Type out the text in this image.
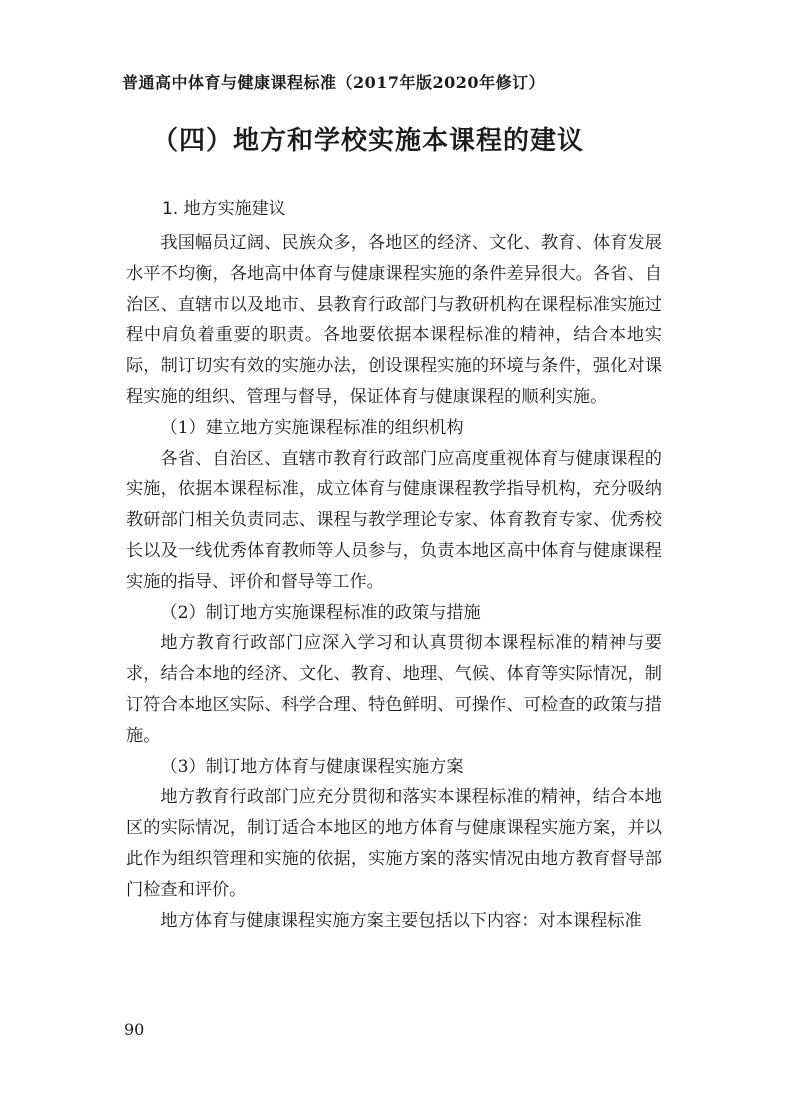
普通高中体育与健康课程标准（2017年版2020年修订）
（四）地方和学校实施本课程的建议
1. 地方实施建议

我国幅员辽阔、民族众多，各地区的经济、文化、教育、体育发展水平不均衡，各地高中体育与健康课程实施的条件差异很大。各省、自治区、直辖市以及地市、县教育行政部门与教研机构在课程标准实施过程中肩负着重要的职责。各地要依据本课程标准的精神，结合本地实际，制订切实有效的实施办法，创设课程实施的环境与条件，强化对课程实施的组织、管理与督导，保证体育与健康课程的顺利实施。

（1）建立地方实施课程标准的组织机构

各省、自治区、直辖市教育行政部门应高度重视体育与健康课程的实施，依据本课程标准，成立体育与健康课程教学指导机构，充分吸纳教研部门相关负责同志、课程与教学理论专家、体育教育专家、优秀校长以及一线优秀体育教师等人员参与，负责本地区高中体育与健康课程实施的指导、评价和督导等工作。

（2）制订地方实施课程标准的政策与措施

地方教育行政部门应深入学习和认真贯彻本课程标准的精神与要求，结合本地的经济、文化、教育、地理、气候、体育等实际情况，制订符合本地区实际、科学合理、特色鲜明、可操作、可检查的政策与措施。

（3）制订地方体育与健康课程实施方案

地方教育行政部门应充分贯彻和落实本课程标准的精神，结合本地区的实际情况，制订适合本地区的地方体育与健康课程实施方案，并以此作为组织管理和实施的依据，实施方案的落实情况由地方教育督导部门检查和评价。

地方体育与健康课程实施方案主要包括以下内容：对本课程标准

90
